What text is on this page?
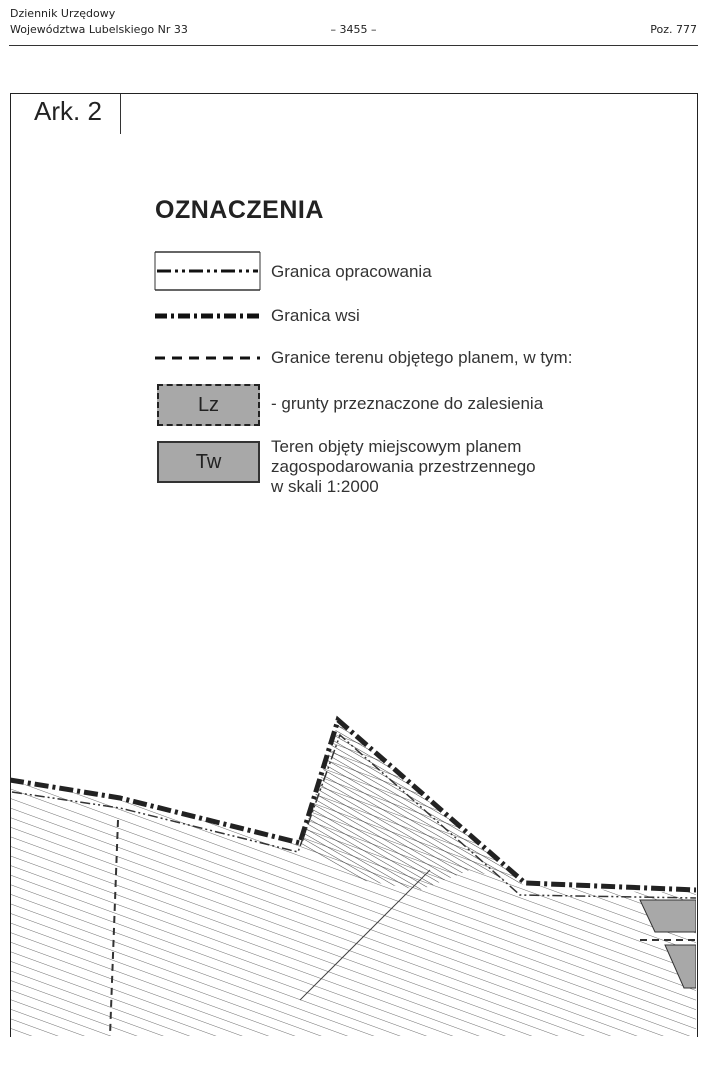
Dziennik Urzędowy
Województwa Lubelskiego Nr 33	– 3455 –	Poz. 777
Ark. 2
OZNACZENIA
Granica opracowania
Granica wsi
Granice terenu objętego planem, w tym:
Lz	- grunty przeznaczone do zalesienia
Tw
Teren objęty miejscowym planem
zagospodarowania przestrzennego
w skali 1:2000
